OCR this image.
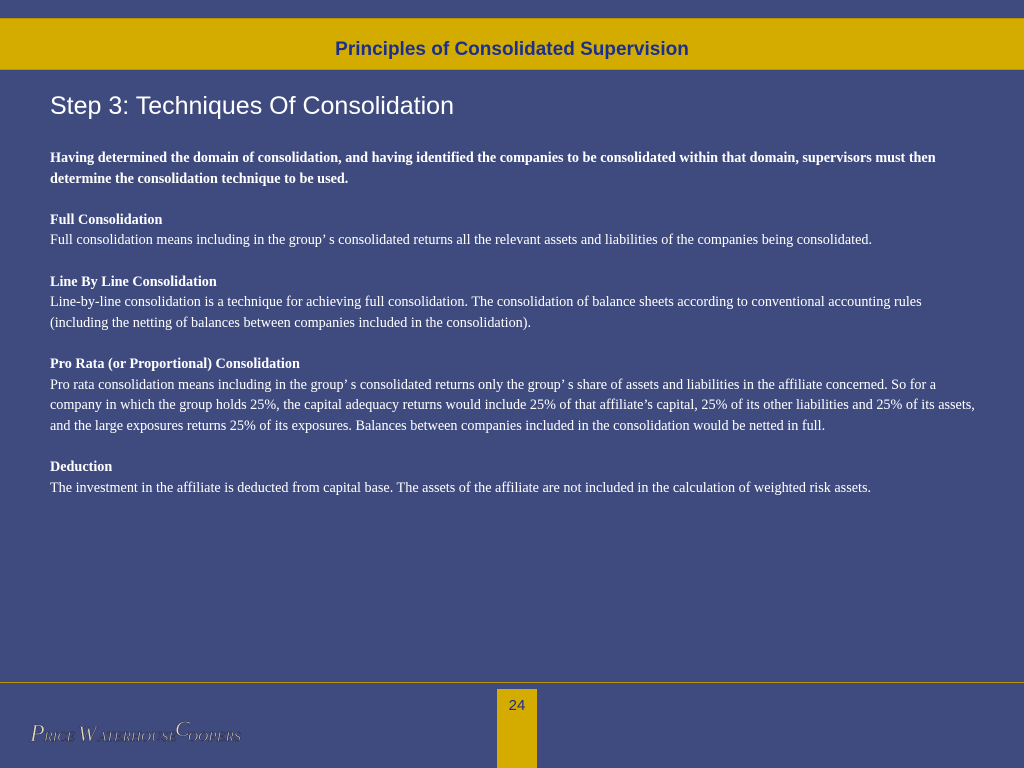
Principles of Consolidated Supervision
Step 3: Techniques Of Consolidation

Having determined the domain of consolidation, and having identified the companies to be consolidated within that domain, supervisors must then determine the consolidation technique to be used.

Full Consolidation

Full consolidation means including in the group’ s consolidated returns all the relevant assets and liabilities of the companies being consolidated.

Line By Line Consolidation

Line-by-line consolidation is a technique for achieving full consolidation. The consolidation of balance sheets according to conventional accounting rules (including the netting of balances between companies included in the consolidation).

Pro Rata (or Proportional) Consolidation

Pro rata consolidation means including in the group’ s consolidated returns only the group’ s share of assets and liabilities in the affiliate concerned. So for a company in which the group holds 25%, the capital adequacy returns would include 25% of that affiliate’s capital, 25% of its other liabilities and 25% of its assets, and the large exposures returns 25% of its exposures. Balances between companies included in the consolidation would be netted in full.

Deduction

The investment in the affiliate is deducted from capital base. The assets of the affiliate are not included in the calculation of weighted risk assets.

24
P RICE W ATERHOUSE
C
OOPERS
